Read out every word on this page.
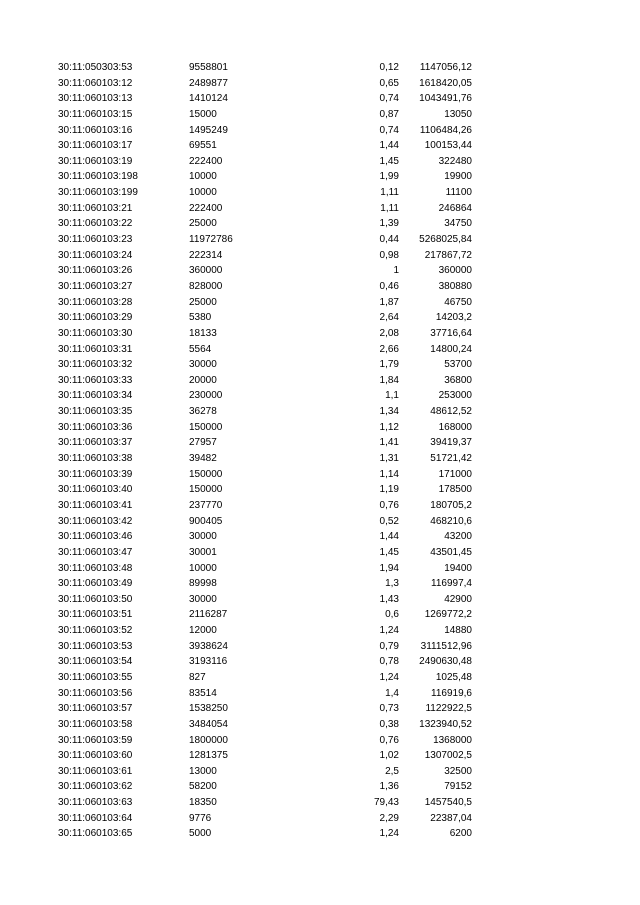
30:11:050303:53	9558801	0,12 1147056,12
30:11:060103:12	2489877	0,65 1618420,05
30:11:060103:13	1410124	0,74 1043491,76
30:11:060103:15	15000	0,87	13050
30:11:060103:16	1495249	0,74 1106484,26
30:11:060103:17	69551	1,44	100153,44
30:11:060103:19	222400	1,45	322480
30:11:060103:198	10000	1,99	19900
30:11:060103:199	10000	1,11	11100
30:11:060103:21	222400	1,11	246864
30:11:060103:22	25000	1,39	34750
30:11:060103:23	11972786	0,44 5268025,84
30:11:060103:24	222314	0,98	217867,72
30:11:060103:26	360000	1	360000
30:11:060103:27	828000	0,46	380880
30:11:060103:28	25000	1,87	46750
30:11:060103:29	5380	2,64	14203,2
30:11:060103:30	18133	2,08	37716,64
30:11:060103:31	5564	2,66	14800,24
30:11:060103:32	30000	1,79	53700
30:11:060103:33	20000	1,84	36800
30:11:060103:34	230000	1,1	253000
30:11:060103:35	36278	1,34	48612,52
30:11:060103:36	150000	1,12	168000
30:11:060103:37	27957	1,41	39419,37
30:11:060103:38	39482	1,31	51721,42
30:11:060103:39	150000	1,14	171000
30:11:060103:40	150000	1,19	178500
30:11:060103:41	237770	0,76	180705,2
30:11:060103:42	900405	0,52	468210,6
30:11:060103:46	30000	1,44	43200
30:11:060103:47	30001	1,45	43501,45
30:11:060103:48	10000	1,94	19400
30:11:060103:49	89998	1,3	116997,4
30:11:060103:50	30000	1,43	42900
30:11:060103:51	2116287	0,6	1269772,2
30:11:060103:52	12000	1,24	14880
30:11:060103:53	3938624	0,79 3111512,96
30:11:060103:54	3193116	0,78 2490630,48
30:11:060103:55	827	1,24	1025,48
30:11:060103:56	83514	1,4	116919,6
30:11:060103:57	1538250	0,73	1122922,5
30:11:060103:58	3484054	0,38 1323940,52
30:11:060103:59	1800000	0,76	1368000
30:11:060103:60	1281375	1,02	1307002,5
30:11:060103:61	13000	2,5	32500
30:11:060103:62	58200	1,36	79152
30:11:060103:63	18350	79,43	1457540,5
30:11:060103:64	9776	2,29	22387,04
30:11:060103:65	5000	1,24	6200
